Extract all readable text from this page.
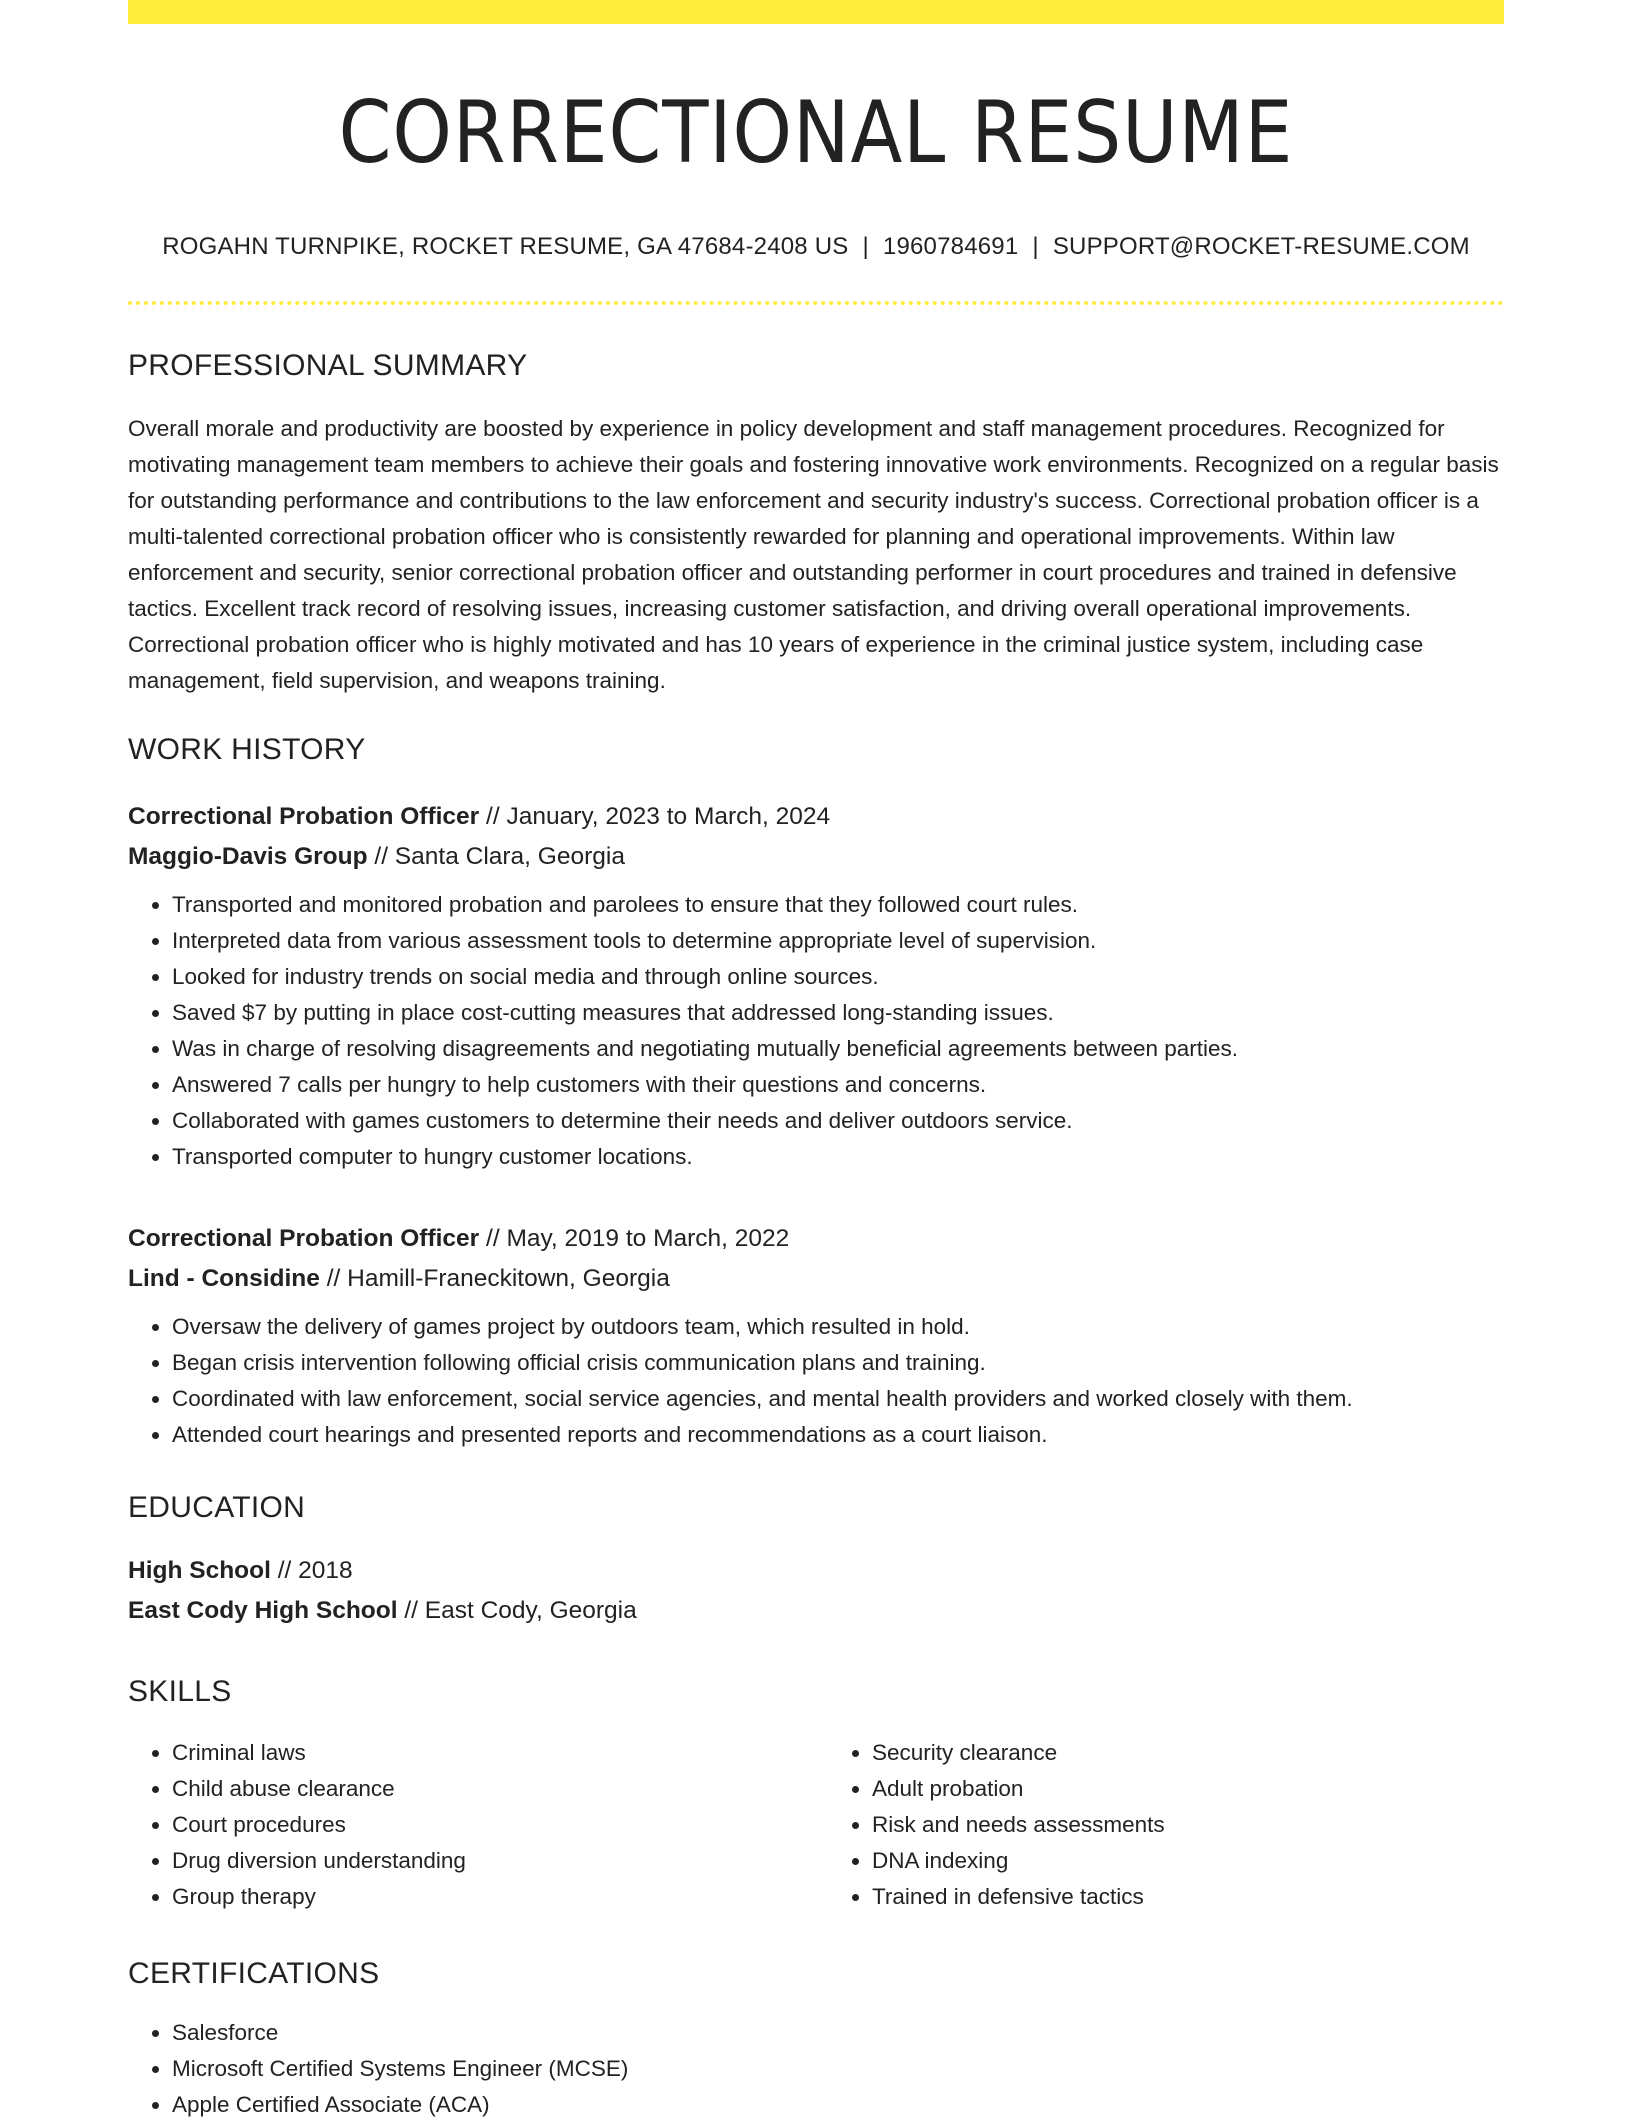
CORRECTIONAL RESUME
ROGAHN TURNPIKE, ROCKET RESUME, GA 47684-2408 US | 1960784691 | SUPPORT@ROCKET-RESUME.COM
PROFESSIONAL SUMMARY
Overall morale and productivity are boosted by experience in policy development and staff management procedures. Recognized for motivating management team members to achieve their goals and fostering innovative work environments. Recognized on a regular basis for outstanding performance and contributions to the law enforcement and security industry's success. Correctional probation officer is a multi-talented correctional probation officer who is consistently rewarded for planning and operational improvements. Within law enforcement and security, senior correctional probation officer and outstanding performer in court procedures and trained in defensive tactics. Excellent track record of resolving issues, increasing customer satisfaction, and driving overall operational improvements. Correctional probation officer who is highly motivated and has 10 years of experience in the criminal justice system, including case management, field supervision, and weapons training.
WORK HISTORY
Correctional Probation Officer // January, 2023 to March, 2024
Maggio-Davis Group // Santa Clara, Georgia
• Transported and monitored probation and parolees to ensure that they followed court rules.
• Interpreted data from various assessment tools to determine appropriate level of supervision.
• Looked for industry trends on social media and through online sources.
• Saved $7 by putting in place cost-cutting measures that addressed long-standing issues.
• Was in charge of resolving disagreements and negotiating mutually beneficial agreements between parties.
• Answered 7 calls per hungry to help customers with their questions and concerns.
• Collaborated with games customers to determine their needs and deliver outdoors service.
• Transported computer to hungry customer locations.
Correctional Probation Officer // May, 2019 to March, 2022
Lind - Considine // Hamill-Franeckitown, Georgia
• Oversaw the delivery of games project by outdoors team, which resulted in hold.
• Began crisis intervention following official crisis communication plans and training.
• Coordinated with law enforcement, social service agencies, and mental health providers and worked closely with them.
• Attended court hearings and presented reports and recommendations as a court liaison.
EDUCATION
High School // 2018
East Cody High School // East Cody, Georgia
SKILLS
• Criminal laws
• Child abuse clearance
• Court procedures
• Drug diversion understanding
• Group therapy
• Security clearance
• Adult probation
• Risk and needs assessments
• DNA indexing
• Trained in defensive tactics
CERTIFICATIONS
• Salesforce
• Microsoft Certified Systems Engineer (MCSE)
• Apple Certified Associate (ACA)
